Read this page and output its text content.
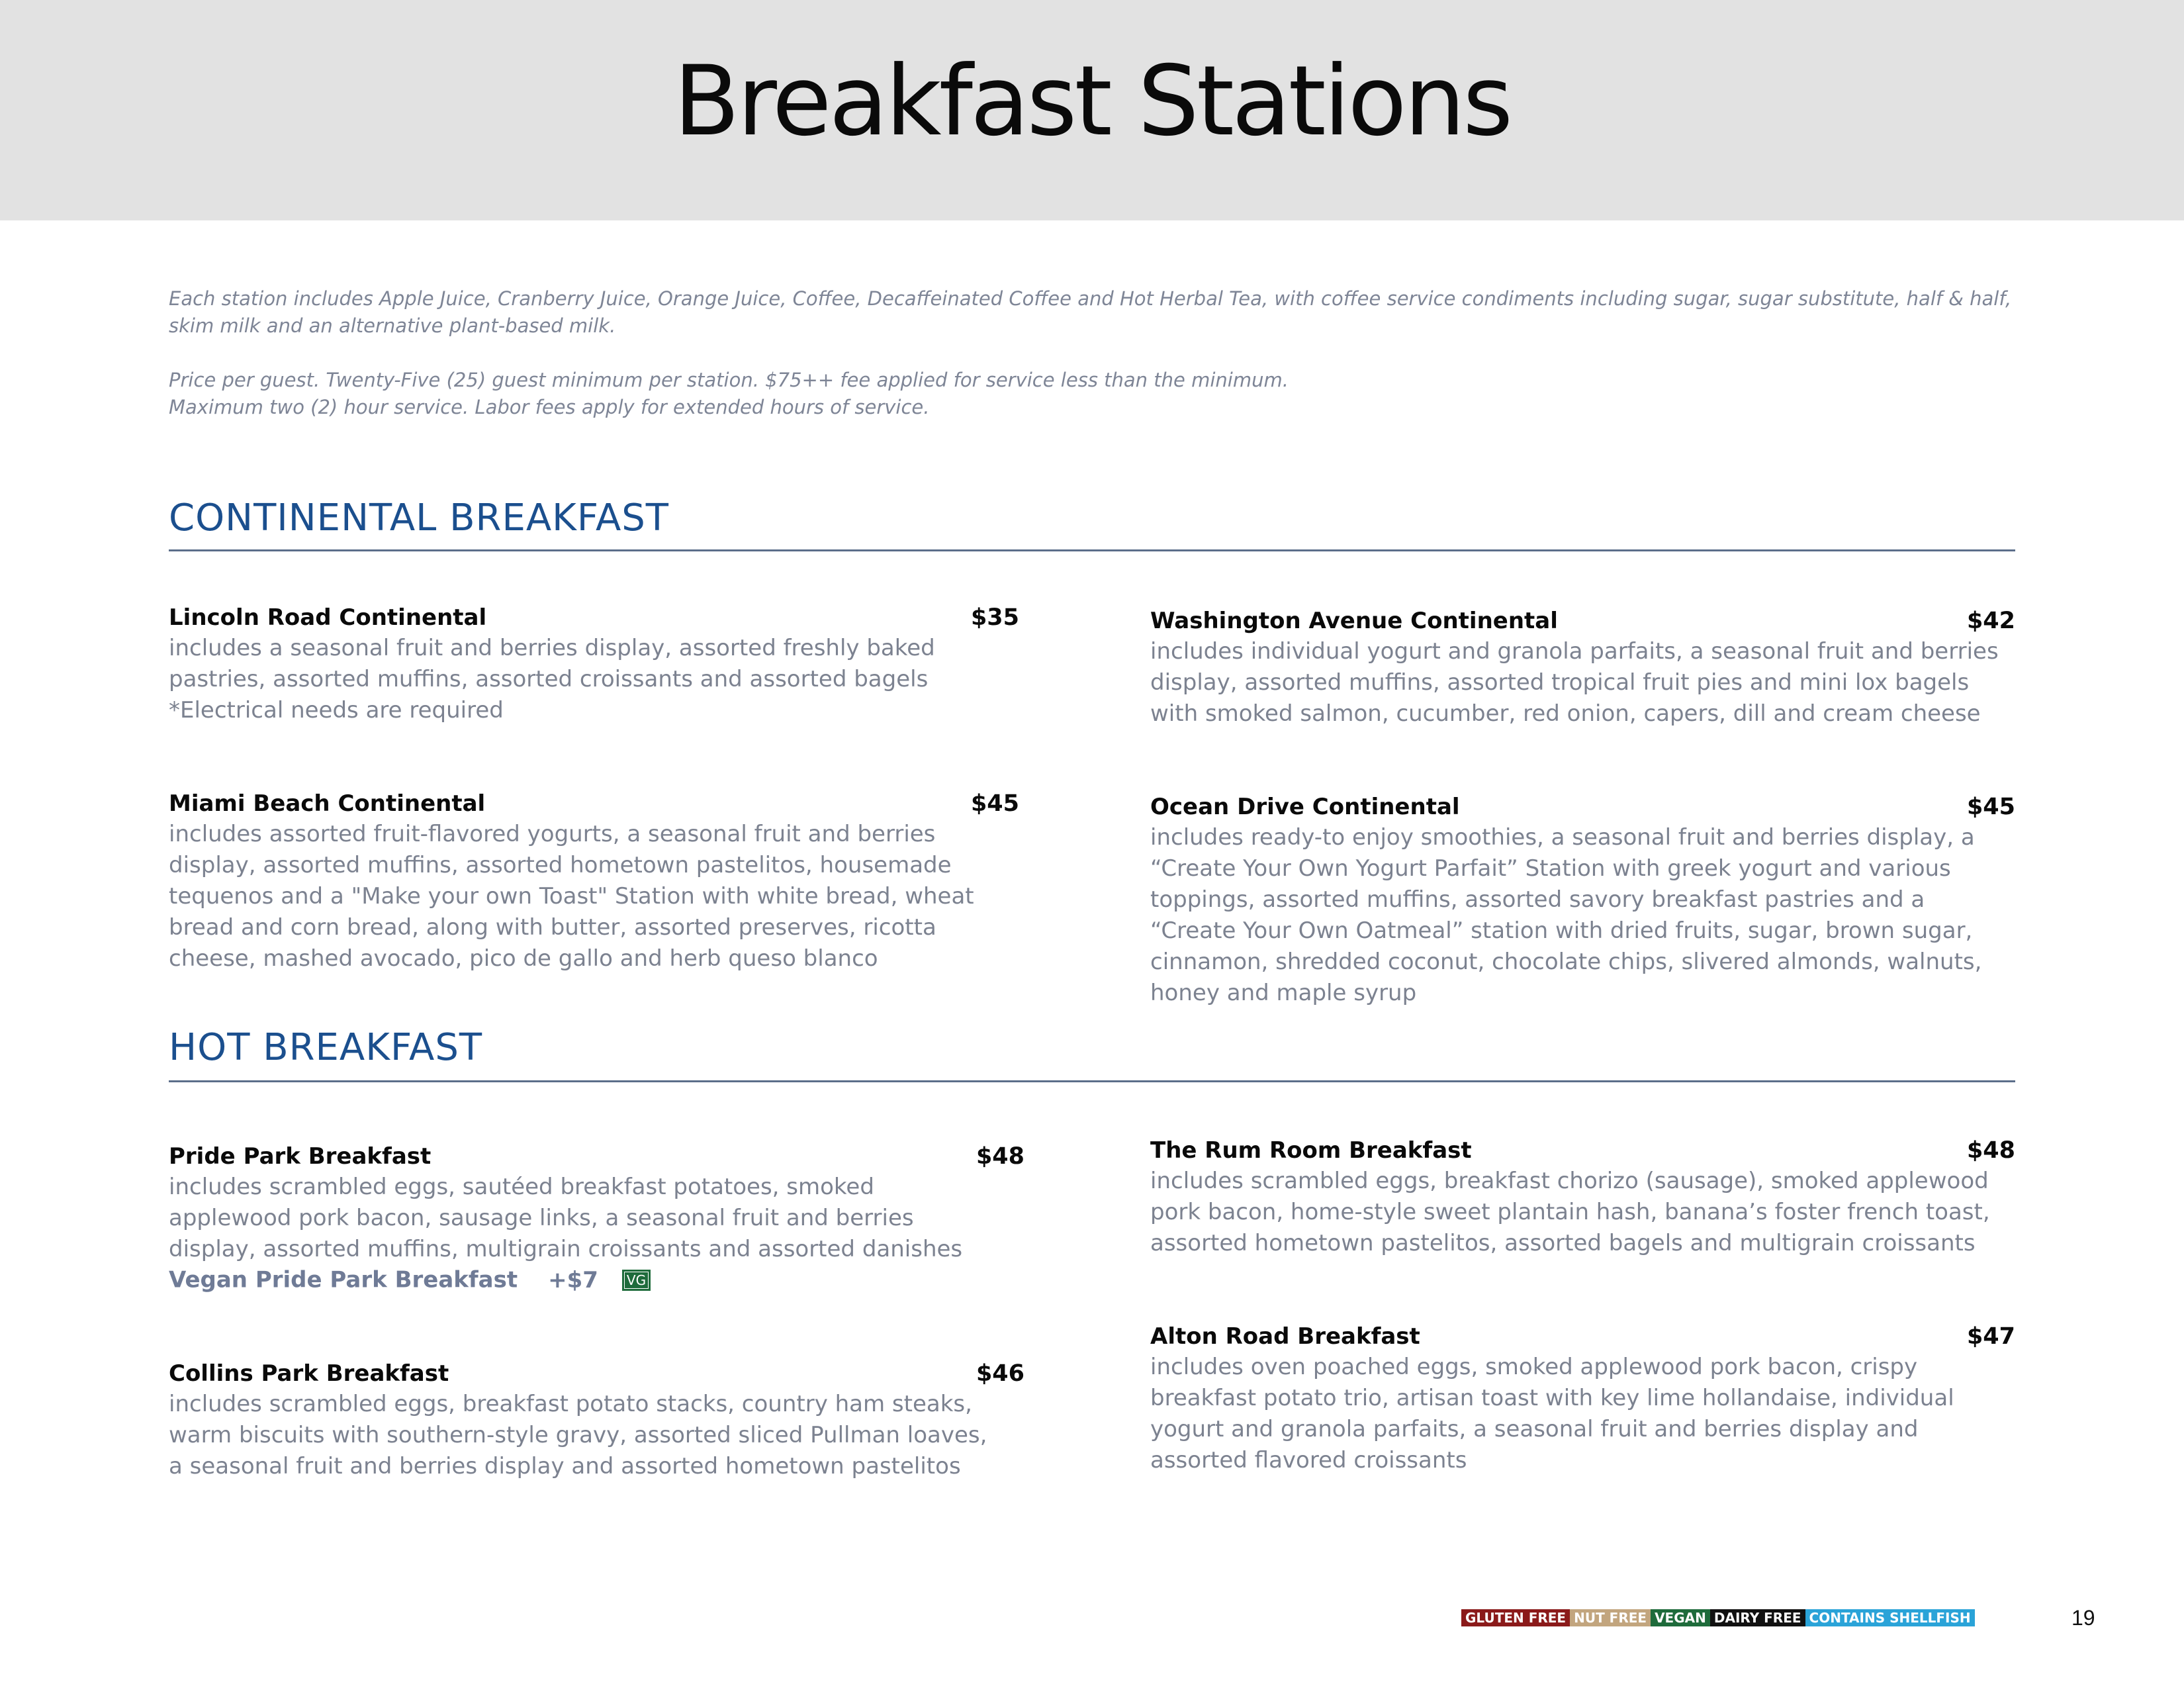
Breakfast Stations

Each station includes Apple Juice, Cranberry Juice, Orange Juice, Coffee, Decaffeinated Coffee and Hot Herbal Tea, with coffee service condiments including sugar, sugar substitute, half & half,

skim milk and an alternative plant-based milk.

Price per guest. Twenty-Five (25) guest minimum per station. $75++ fee applied for service less than the minimum.

Maximum two (2) hour service. Labor fees apply for extended hours of service.

CONTINENTAL BREAKFAST
Lincoln Road Continental	$35
includes a seasonal fruit and berries display, assorted freshly baked
pastries, assorted muffins, assorted croissants and assorted bagels
*Electrical needs are required
Washington Avenue Continental	$42
includes individual yogurt and granola parfaits, a seasonal fruit and berries
display, assorted muffins, assorted tropical fruit pies and mini lox bagels
with smoked salmon, cucumber, red onion, capers, dill and cream cheese
Miami Beach Continental	$45
includes assorted fruit-flavored yogurts, a seasonal fruit and berries
display, assorted muffins, assorted hometown pastelitos, housemade
tequenos and a "Make your own Toast" Station with white bread, wheat
bread and corn bread, along with butter, assorted preserves, ricotta
cheese, mashed avocado, pico de gallo and herb queso blanco
Ocean Drive Continental	$45
includes ready-to enjoy smoothies, a seasonal fruit and berries display, a
“Create Your Own Yogurt Parfait” Station with greek yogurt and various
toppings, assorted muffins, assorted savory breakfast pastries and a
“Create Your Own Oatmeal” station with dried fruits, sugar, brown sugar,
cinnamon, shredded coconut, chocolate chips, slivered almonds, walnuts,
honey and maple syrup
HOT BREAKFAST
Pride Park Breakfast	$48
includes scrambled eggs, sautéed breakfast potatoes, smoked
applewood pork bacon, sausage links, a seasonal fruit and berries
display, assorted muffins, multigrain croissants and assorted danishes
Vegan Pride Park Breakfast +$7 VG
The Rum Room Breakfast	$48
includes scrambled eggs, breakfast chorizo (sausage), smoked applewood
pork bacon, home-style sweet plantain hash, banana’s foster french toast,
assorted hometown pastelitos, assorted bagels and multigrain croissants
Collins Park Breakfast	$46
includes scrambled eggs, breakfast potato stacks, country ham steaks,
warm biscuits with southern-style gravy, assorted sliced Pullman loaves,
a seasonal fruit and berries display and assorted hometown pastelitos
Alton Road Breakfast	$47
includes oven poached eggs, smoked applewood pork bacon, crispy
breakfast potato trio, artisan toast with key lime hollandaise, individual
yogurt and granola parfaits, a seasonal fruit and berries display and
assorted flavored croissants
GLUTEN FREE NUT FREE VEGAN DAIRY FREE CONTAINS SHELLFISH	19
